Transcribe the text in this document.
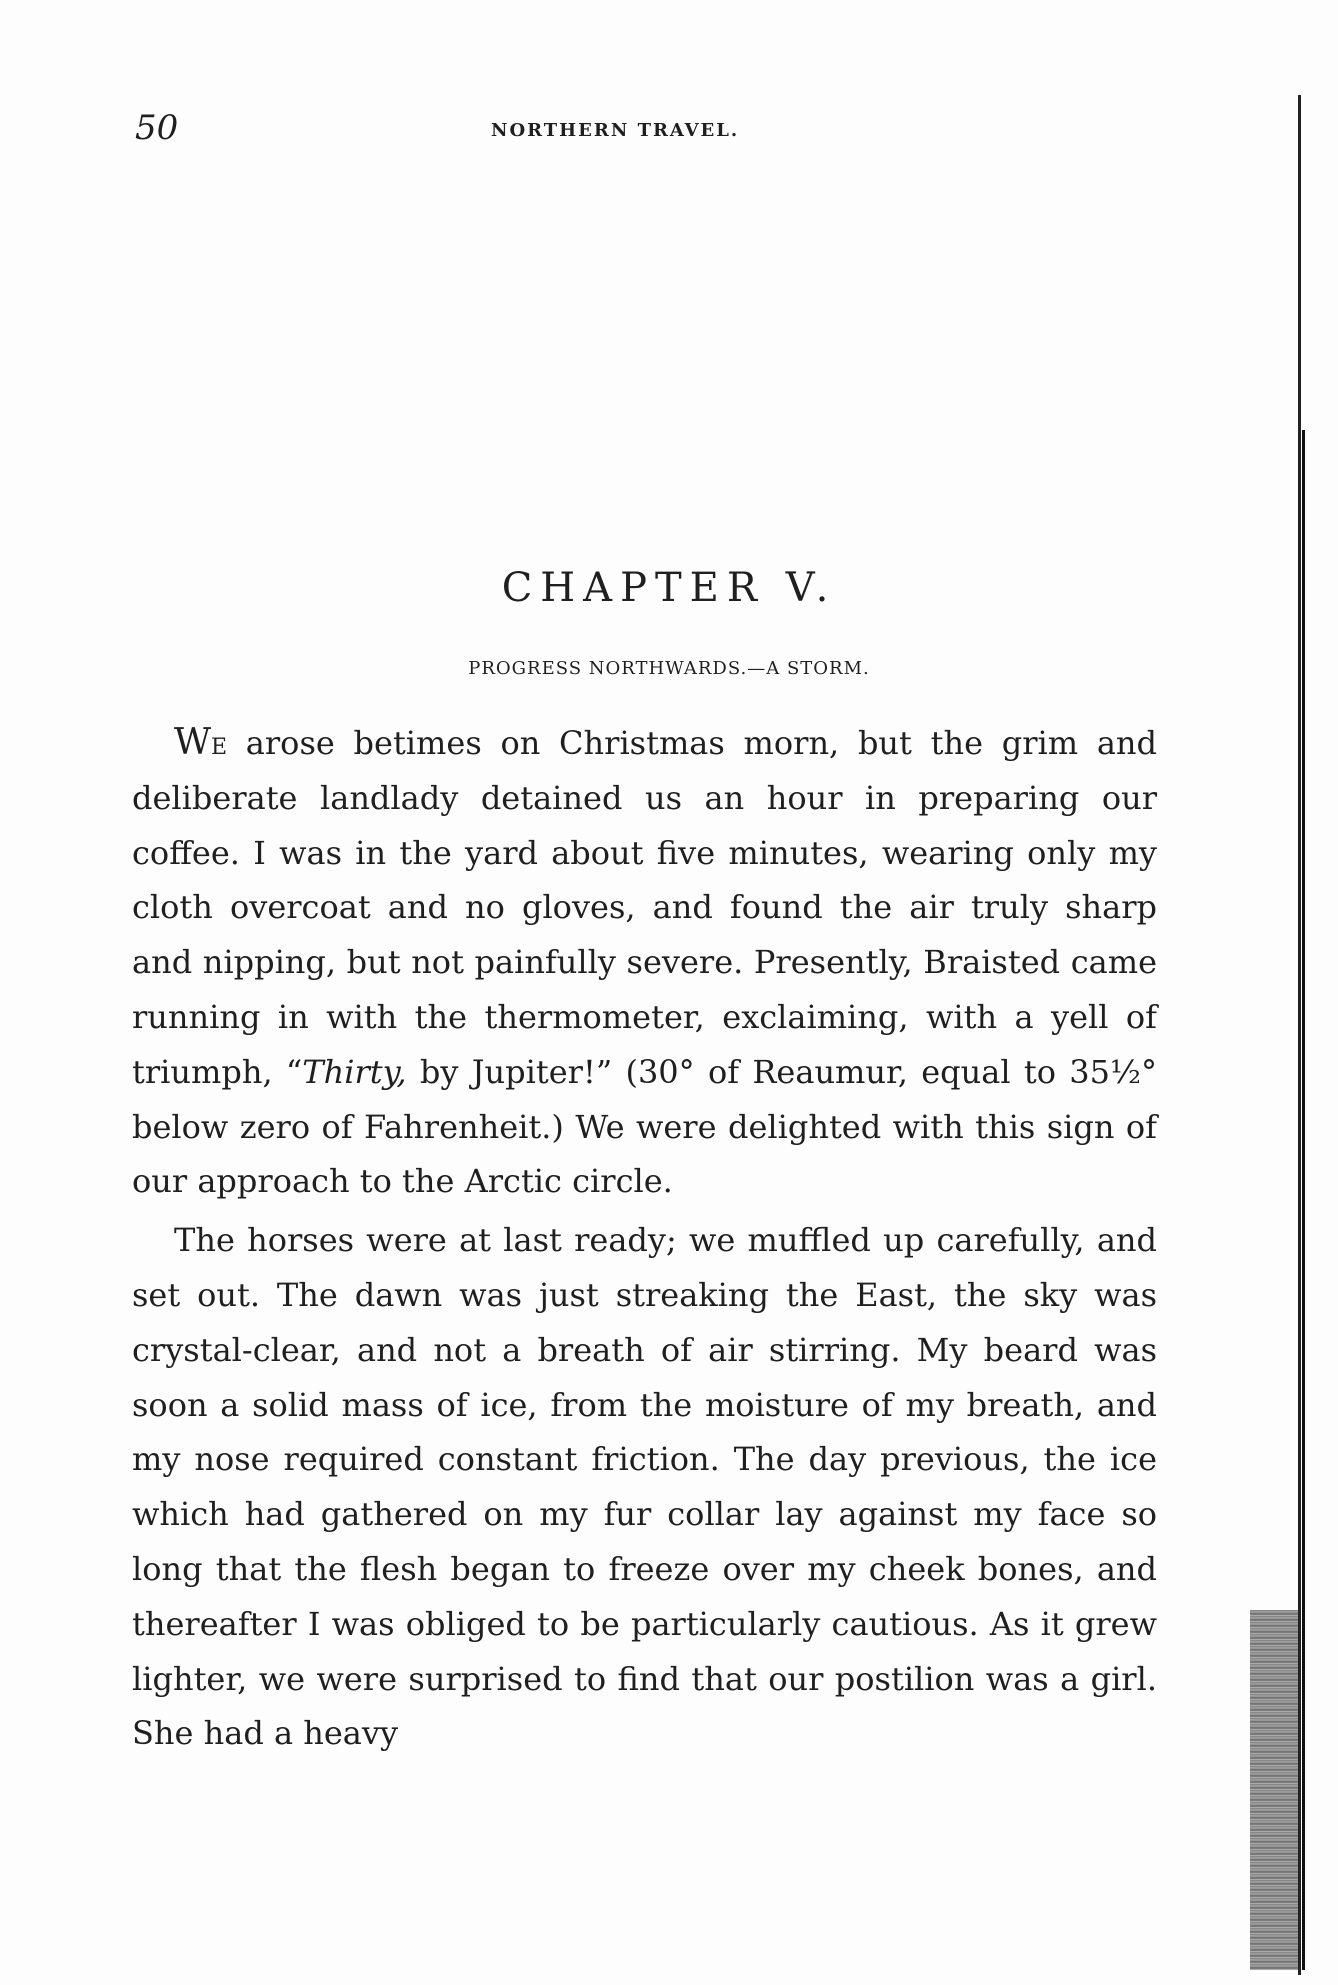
50	NORTHERN TRAVEL.
CHAPTER V.
PROGRESS NORTHWARDS.—A STORM.

We arose betimes on Christmas morn, but the grim and deliberate landlady detained us an hour in preparing our coffee. I was in the yard about five minutes, wearing only my cloth overcoat and no gloves, and found the air truly sharp and nipping, but not painfully severe. Presently, Braisted came running in with the thermometer, exclaiming, with a yell of triumph, “Thirty, by Jupiter!” (30° of Reaumur, equal to 35½° below zero of Fahrenheit.) We were delighted with this sign of our approach to the Arctic circle.

The horses were at last ready; we muffled up carefully, and set out. The dawn was just streaking the East, the sky was crystal-clear, and not a breath of air stirring. My beard was soon a solid mass of ice, from the moisture of my breath, and my nose required constant friction. The day previous, the ice which had gathered on my fur collar lay against my face so long that the flesh began to freeze over my cheek bones, and thereafter I was obliged to be particularly cautious. As it grew lighter, we were surprised to find that our postilion was a girl. She had a heavy
